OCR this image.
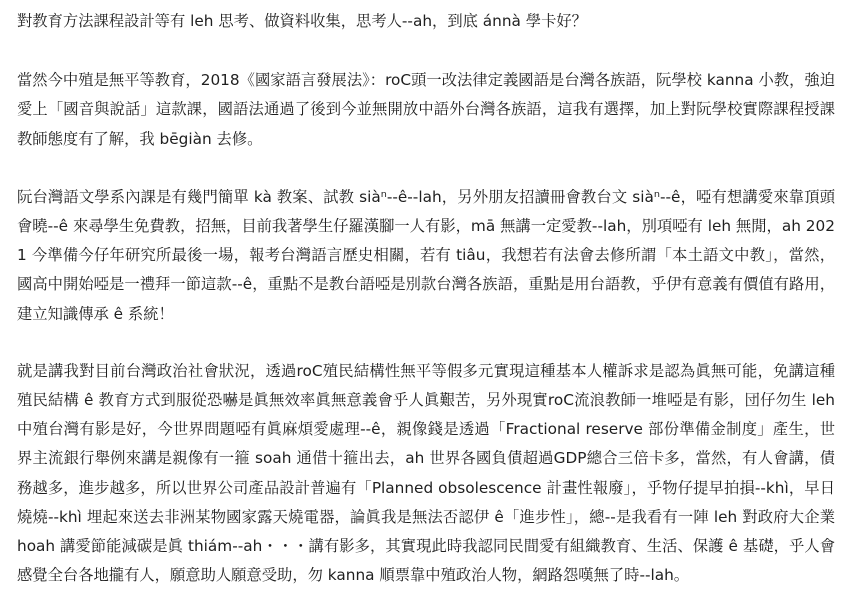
對教育方法課程設計等有 leh 思考、做資料收集，思考人--ah，到底 ánnà 學卡好？

當然今中殖是無平等教育，2018《國家語言發展法》：roC頭一改法律定義國語是台灣各族語，阮學校 kanna 小教，強迫愛上「國音與說話」這款課，國語法通過了後到今並無開放中語外台灣各族語，這我有選擇，加上對阮學校實際課程授課教師態度有了解，我 bēgiàn 去修。

阮台灣語文學系內課是有幾門簡單 kà 教案、試教 siàⁿ--ê--lah，另外朋友招讀冊會教台文 siàⁿ--ê，啞有想講愛來靠頂頭會曉--ê 來尋學生免費教，招無，目前我著學生仔羅漢腳一人有影，mā 無講一定愛教--lah，別項啞有 leh 無閒，ah 2021 今準備今仔年研究所最後一場，報考台灣語言歷史相關，若有 tiâu，我想若有法會去修所謂「本土語文中教」，當然，國高中開始啞是一禮拜一節這款--ê，重點不是教台語啞是別款台灣各族語，重點是用台語教，乎伊有意義有價值有路用，建立知識傳承 ê 系統！

就是講我對目前台灣政治社會狀況，透過roC殖民結構性無平等假多元實現這種基本人權訴求是認為眞無可能，免講這種殖民結構 ê 教育方式到服從恐嚇是眞無效率眞無意義會乎人眞艱苦，另外現實roC流浪教師一堆啞是有影，団仔勿生 leh 中殖台灣有影是好，今世界問題啞有眞麻煩愛處理--ê，親像錢是透過「Fractional reserve 部份準備金制度」產生，世界主流銀行舉例來講是親像有一箍 soah 通借十箍出去，ah 世界各國負債超過GDP總合三倍卡多，當然，有人會講，債務越多，進步越多，所以世界公司產品設計普遍有「Planned obsolescence 計畫性報廢」，乎物仔提早拍損--khì，早日燒燒--khì 埋起來送去非洲某物國家露天燒電器，論眞我是無法否認伊 ê「進步性」，總--是我看有一陣 leh 對政府大企業 hoah 講愛節能減碳是眞 thiám--ah・・・講有影多，其實現此時我認同民間愛有組織教育、生活、保護 ê 基礎，乎人會感覺全台各地攏有人，願意助人願意受助，勿 kanna 順票靠中殖政治人物，網路怨嘆無了時--lah。
